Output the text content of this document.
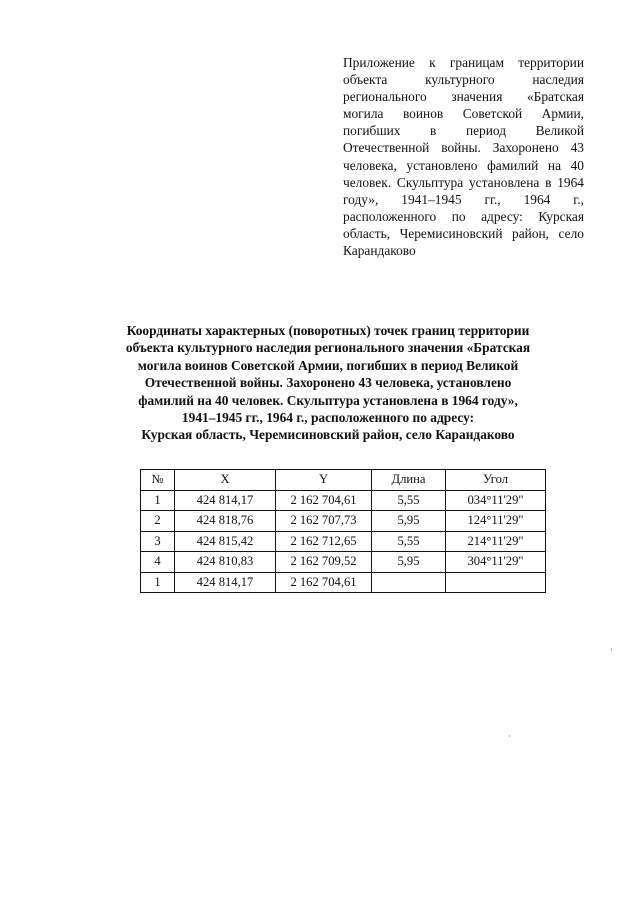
Приложение к границам территории объекта культурного наследия регионального значения «Братская могила воинов Советской Армии, погибших в период Великой Отечественной войны. Захоронено 43 человека, установлено фамилий на 40 человек. Скульптура установлена в 1964 году», 1941–1945 гг., 1964 г., расположенного по адресу: Курская область, Черемисиновский район, село Карандаково
Координаты характерных (поворотных) точек границ территории
объекта культурного наследия регионального значения «Братская
могила воинов Советской Армии, погибших в период Великой
Отечественной войны. Захоронено 43 человека, установлено
фамилий на 40 человек. Скульптура установлена в 1964 году»,
1941–1945 гг., 1964 г., расположенного по адресу:
Курская область, Черемисиновский район, село Карандаково
№	X	Y	Длина	Угол
1	424 814,17	2 162 704,61	5,55	034°11'29"
2	424 818,76	2 162 707,73	5,95	124°11'29"
3	424 815,42	2 162 712,65	5,55	214°11'29"
4	424 810,83	2 162 709,52	5,95	304°11'29"
1	424 814,17	2 162 704,61		
